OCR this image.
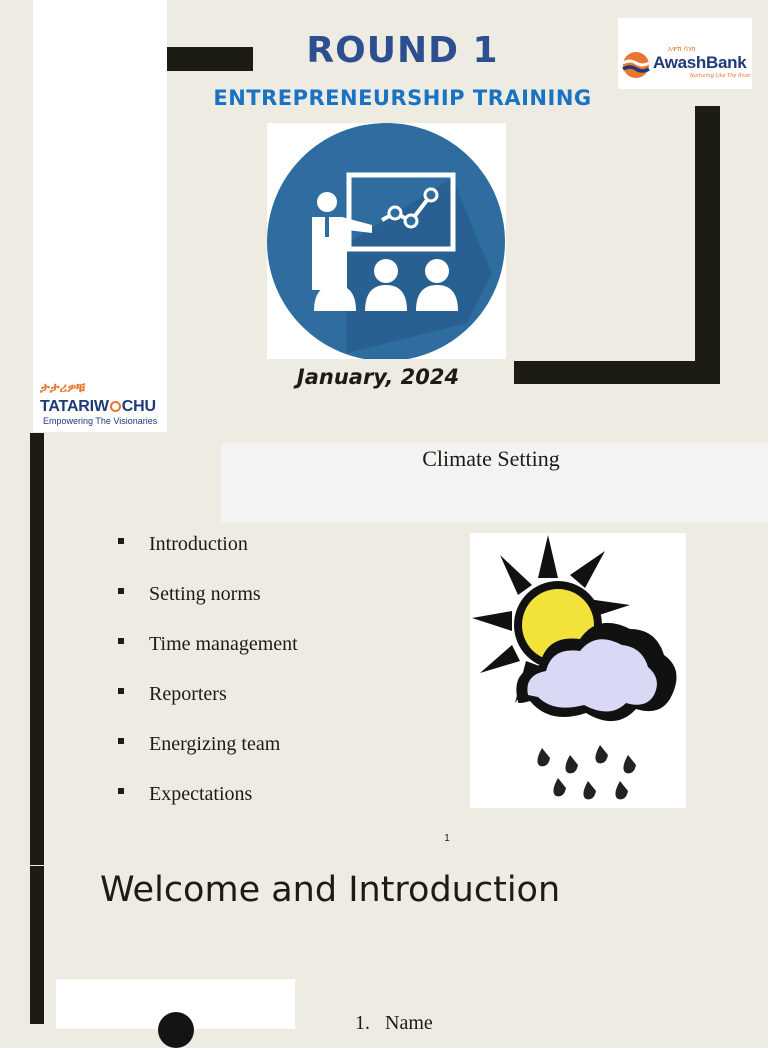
ROUND 1
ENTREPRENEURSHIP TRAINING
አዋሽ ባንክ
AwashBank
Nurturing Like The River
January, 2024
ታታሪዎቹ
TATARIW CHU
Empowering The Visionaries
Climate Setting
Introduction
Setting norms
Time management
Reporters
Energizing team
Expectations
1
Welcome and Introduction
1. Name
